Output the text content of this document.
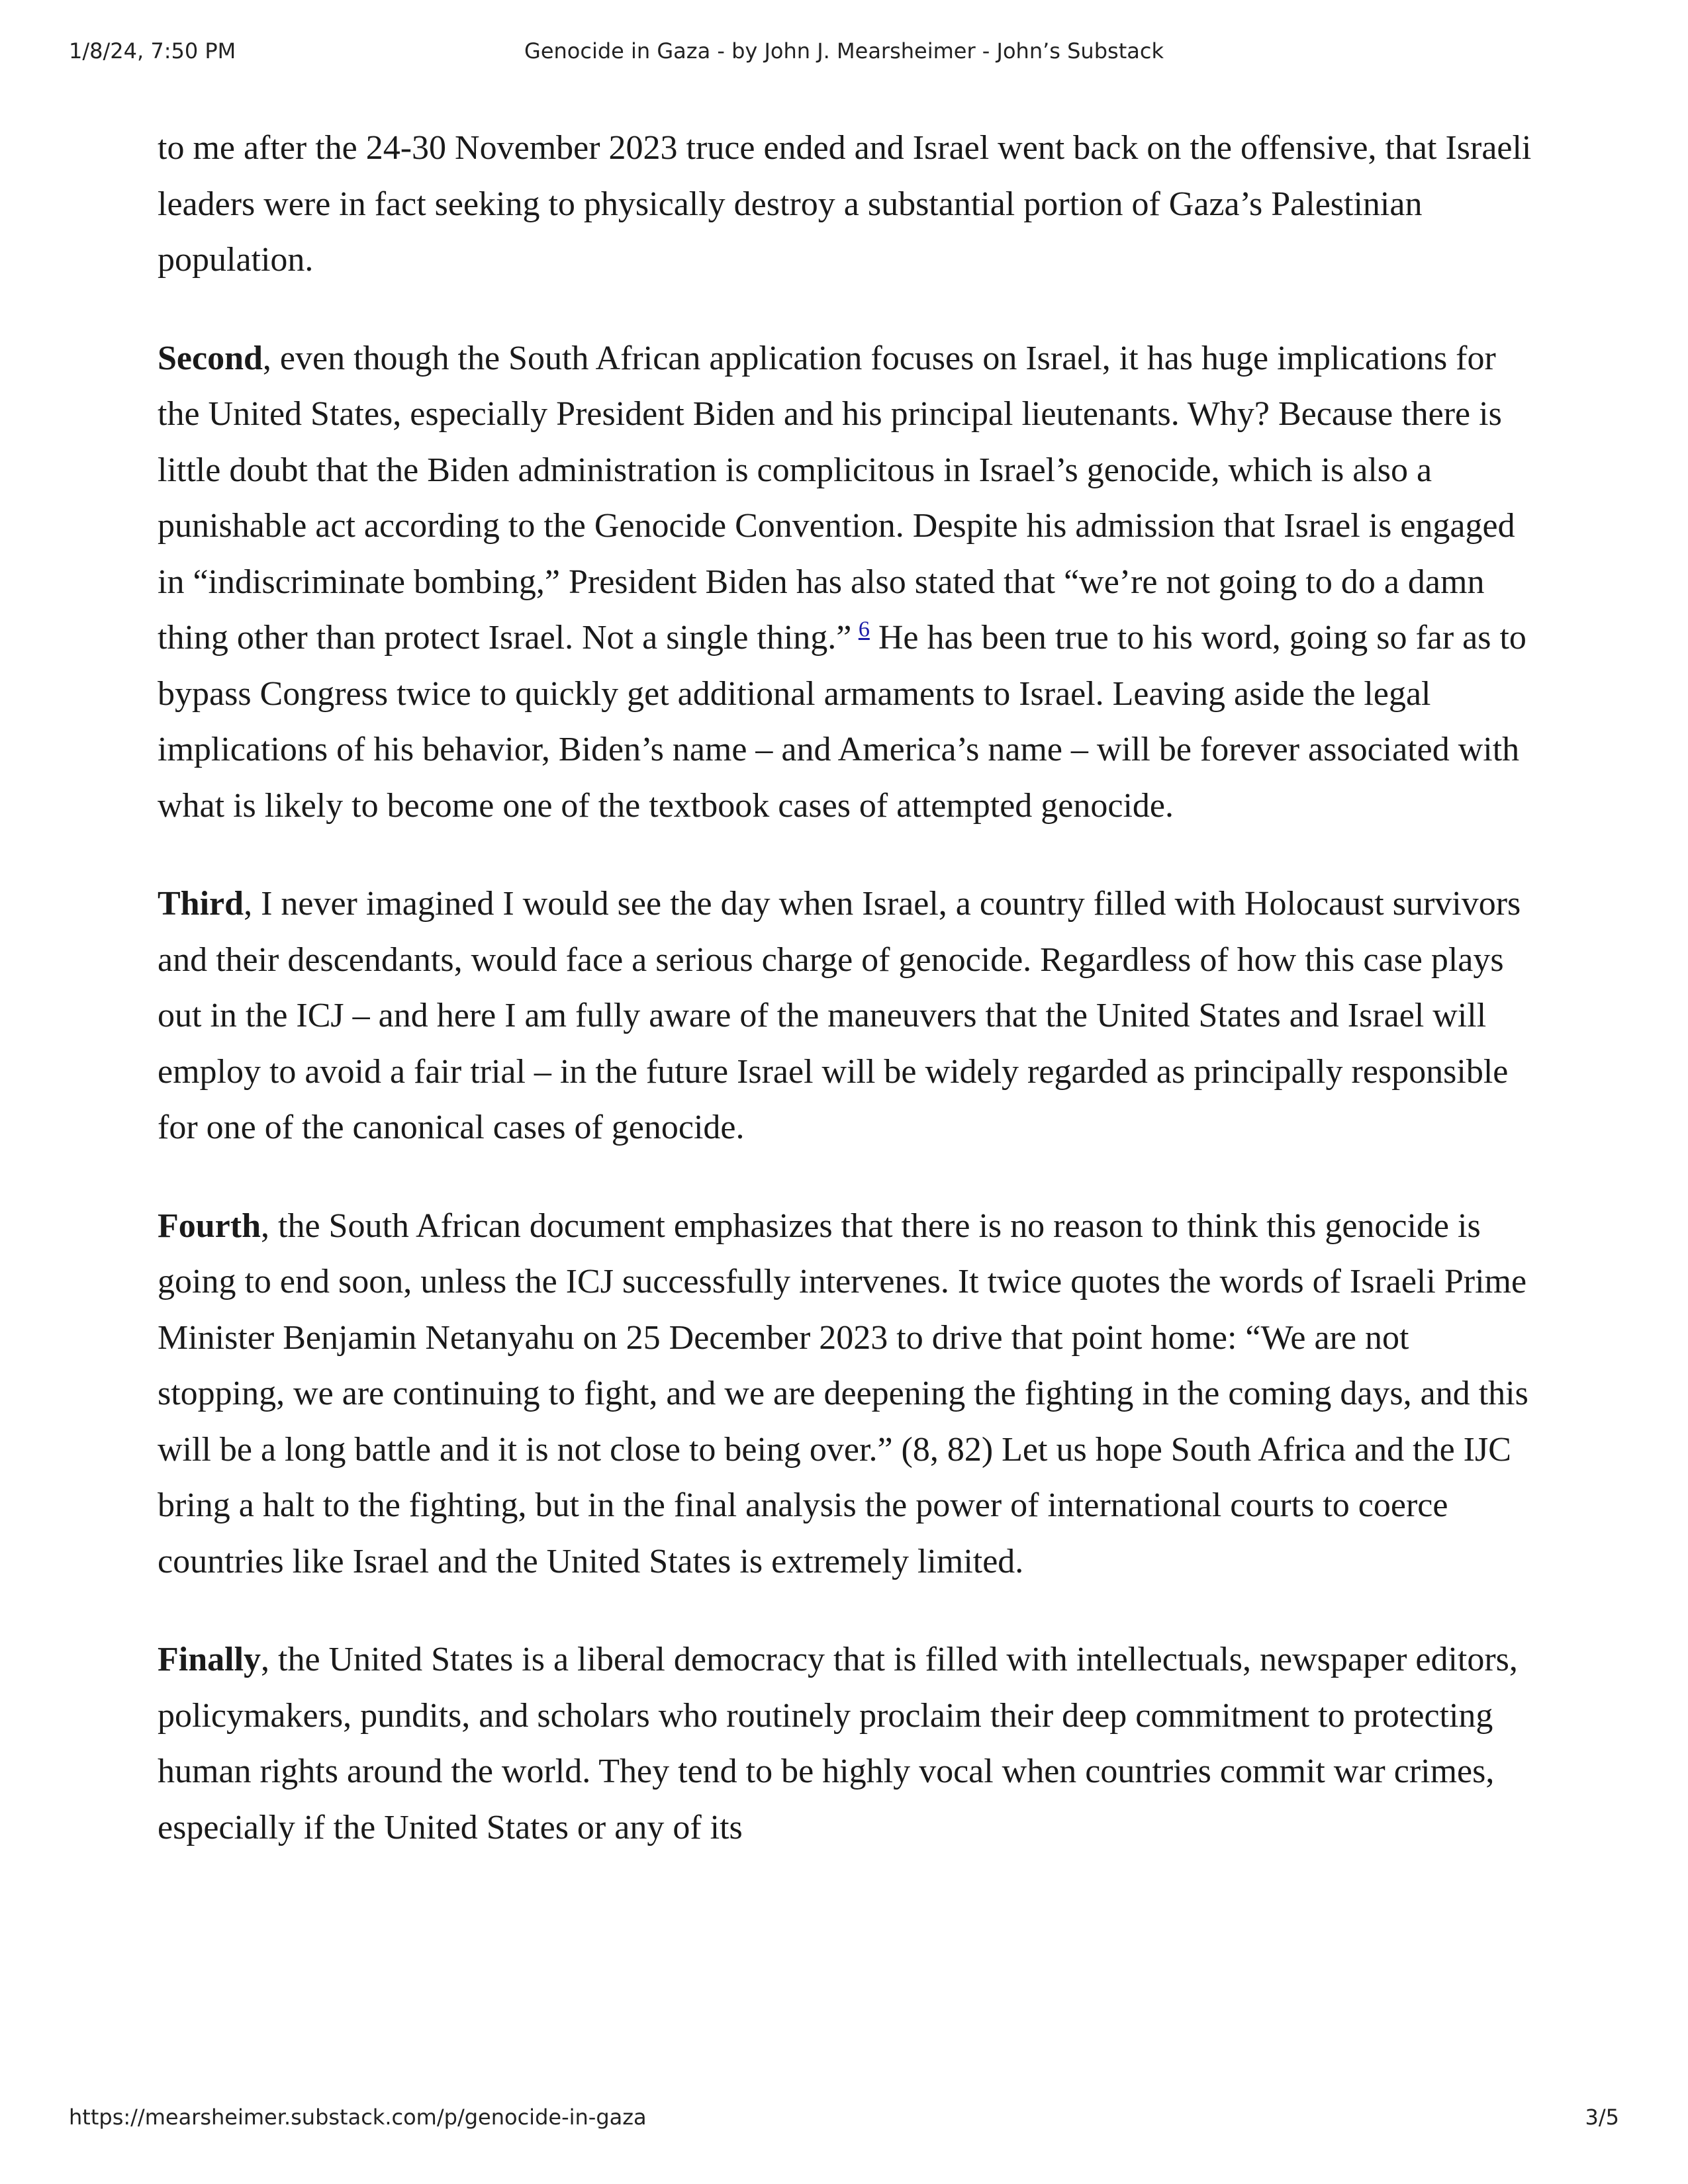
1/8/24, 7:50 PM	Genocide in Gaza - by John J. Mearsheimer - John’s Substack

to me after the 24-30 November 2023 truce ended and Israel went back on the offensive, that Israeli leaders were in fact seeking to physically destroy a substantial portion of Gaza’s Palestinian population.

Second, even though the South African application focuses on Israel, it has huge implications for the United States, especially President Biden and his principal lieutenants. Why? Because there is little doubt that the Biden administration is complicitous in Israel’s genocide, which is also a punishable act according to the Genocide Convention. Despite his admission that Israel is engaged in “indiscriminate bombing,” President Biden has also stated that “we’re not going to do a damn thing other than protect Israel. Not a single thing.”  $^6$ He has been true to his word, going so far as to bypass Congress twice to quickly get additional armaments to Israel. Leaving aside the legal implications of his behavior, Biden’s name – and America’s name – will be forever associated with what is likely to become one of the textbook cases of attempted genocide.

Third, I never imagined I would see the day when Israel, a country filled with Holocaust survivors and their descendants, would face a serious charge of genocide. Regardless of how this case plays out in the ICJ – and here I am fully aware of the maneuvers that the United States and Israel will employ to avoid a fair trial – in the future Israel will be widely regarded as principally responsible for one of the canonical cases of genocide.

Fourth, the South African document emphasizes that there is no reason to think this genocide is going to end soon, unless the ICJ successfully intervenes. It twice quotes the words of Israeli Prime Minister Benjamin Netanyahu on 25 December 2023 to drive that point home: “We are not stopping, we are continuing to fight, and we are deepening the fighting in the coming days, and this will be a long battle and it is not close to being over.” (8, 82) Let us hope South Africa and the IJC bring a halt to the fighting, but in the final analysis the power of international courts to coerce countries like Israel and the United States is extremely limited.

Finally, the United States is a liberal democracy that is filled with intellectuals, newspaper editors, policymakers, pundits, and scholars who routinely proclaim their deep commitment to protecting human rights around the world. They tend to be highly vocal when countries commit war crimes, especially if the United States or any of its

https://mearsheimer.substack.com/p/genocide-in-gaza	3/5
